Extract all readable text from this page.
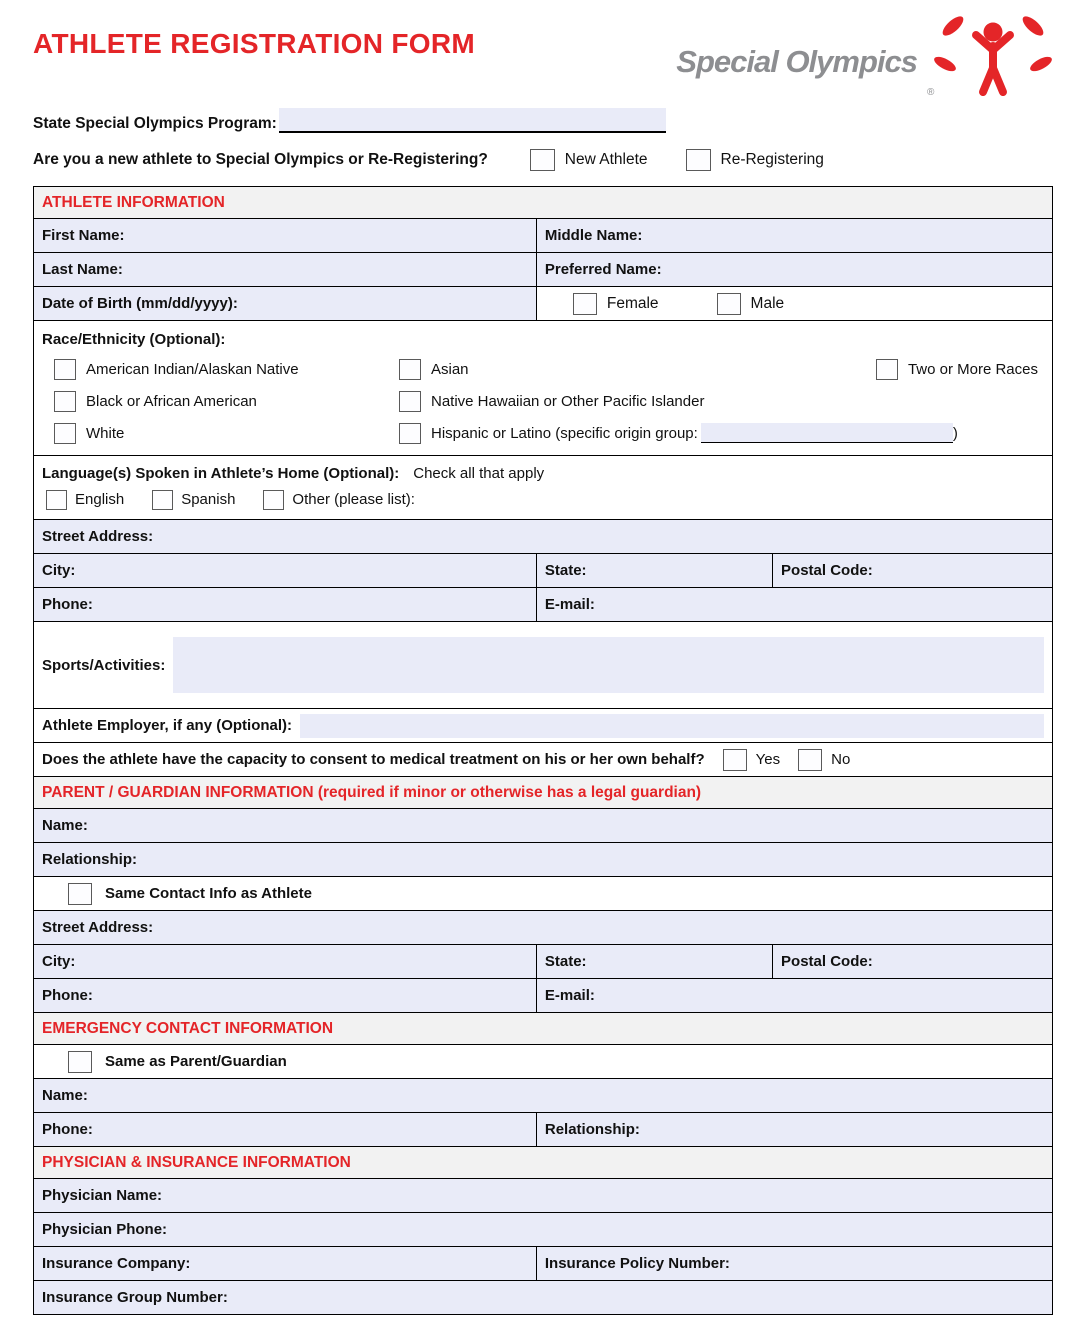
ATHLETE REGISTRATION FORM
Special Olympics
®
State Special Olympics Program:
Are you a new athlete to Special Olympics or Re-Registering?	New Athlete	Re-Registering
ATHLETE INFORMATION
First Name:	Middle Name:
Last Name:	Preferred Name:
Date of Birth (mm/dd/yyyy):	Female	Male
Race/Ethnicity (Optional):
American Indian/Alaskan Native	Asian	Two or More Races
Black or African American	Native Hawaiian or Other Pacific Islander
White	Hispanic or Latino (specific origin group:	)
Language(s) Spoken in Athlete’s Home (Optional): Check all that apply
English	Spanish	Other (please list):
Street Address:
City:	State:	Postal Code:
Phone:	E-mail:
Sports/Activities:
Athlete Employer, if any (Optional):
Does the athlete have the capacity to consent to medical treatment on his or her own behalf?	Yes	No
PARENT / GUARDIAN INFORMATION (required if minor or otherwise has a legal guardian)
Name:
Relationship:
Same Contact Info as Athlete
Street Address:
City:	State:	Postal Code:
Phone:	E-mail:
EMERGENCY CONTACT INFORMATION
Same as Parent/Guardian
Name:
Phone:	Relationship:
PHYSICIAN & INSURANCE INFORMATION
Physician Name:
Physician Phone:
Insurance Company:	Insurance Policy Number:
Insurance Group Number:
